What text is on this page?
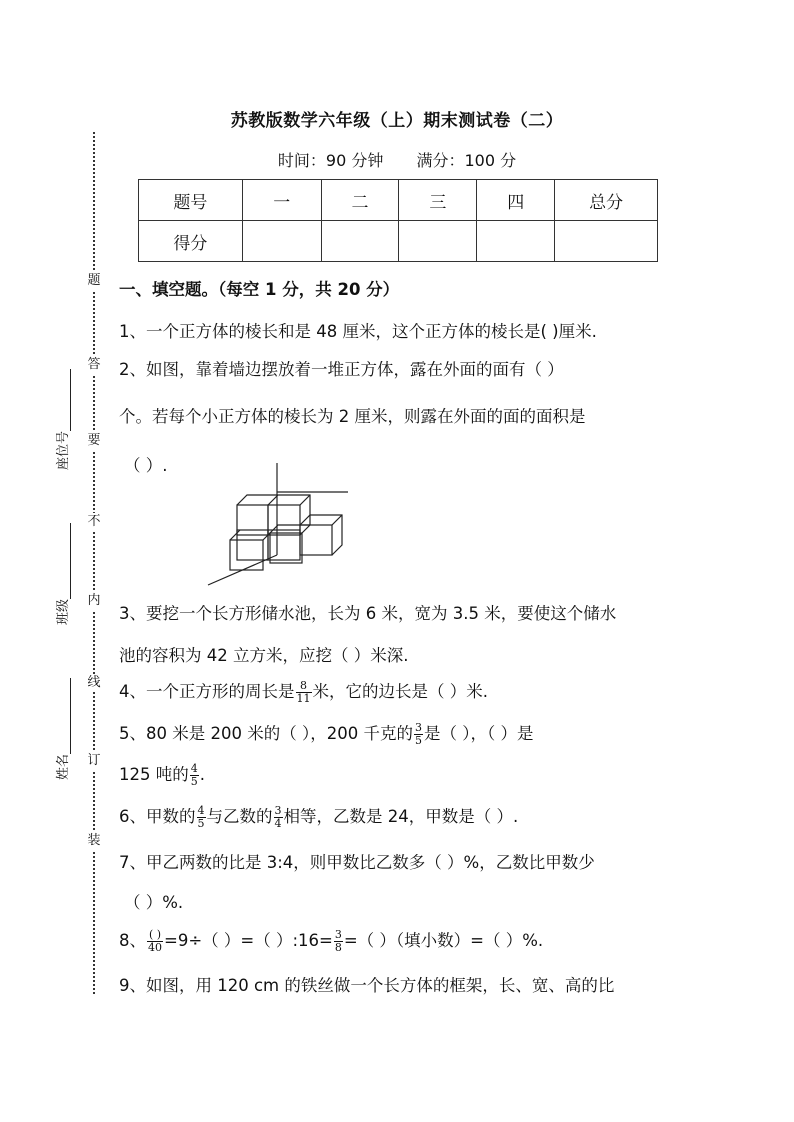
题
答
要
不
内
线
订
装
座位号
班级
姓名
苏教版数学六年级（上）期末测试卷（二）
时间：90 分钟 满分：100 分
题号	一	二	三	四	总分
得分					
一、填空题。（每空 1 分，共 20 分）
1、一个正方体的棱长和是 48 厘米，这个正方体的棱长是( )厘米.
2、如图，靠着墙边摆放着一堆正方体，露在外面的面有（ ）
个。若每个小正方体的棱长为 2 厘米，则露在外面的面的面积是
（ ）.
3、要挖一个长方形储水池，长为 6 米，宽为 3.5 米，要使这个储水
池的容积为 42 立方米，应挖（ ）米深.
4、一个正方形的周长是 $\frac{8}{11}$ 米，它的边长是（ ）米.
5、80 米是 200 米的（ ），200 千克的 $\frac{3}{5}$ 是（ ），（ ）是
125 吨的 $\frac{4}{5}$ .
6、甲数的 $\frac{4}{5}$ 与乙数的 $\frac{3}{4}$ 相等，乙数是 24，甲数是（ ）.
7、甲乙两数的比是 3:4，则甲数比乙数多（ ）%，乙数比甲数少
（ ）%.
8、 $\frac{( )}{40} =9\div$（ ）=（ ）:16= $\frac{3}{8}$ =（ ）（填小数）=（ ）%.
9、如图，用 120 cm 的铁丝做一个长方体的框架，长、宽、高的比
